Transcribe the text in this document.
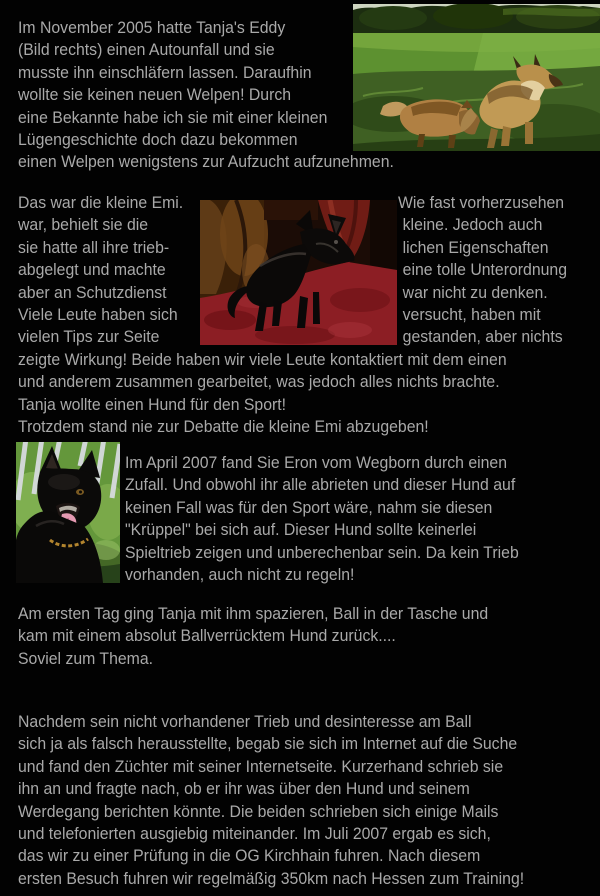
Im November 2005 hatte Tanja's Eddy
(Bild rechts) einen Autounfall und sie
musste ihn einschläfern lassen. Daraufhin
wollte sie keinen neuen Welpen! Durch
eine Bekannte habe ich sie mit einer kleinen
Lügengeschichte doch dazu bekommen
einen Welpen wenigstens zur Aufzucht aufzunehmen.
Das war die kleine Emi.
war, behielt sie die
sie hatte all ihre trieb-
abgelegt und machte
aber an Schutzdienst
Viele Leute haben sich
vielen Tips zur Seite
Wie fast vorherzusehen
kleine. Jedoch auch
lichen Eigenschaften
eine tolle Unterordnung
war nicht zu denken.
versucht, haben mit
gestanden, aber nichts
zeigte Wirkung! Beide haben wir viele Leute kontaktiert mit dem einen
und anderem zusammen gearbeitet, was jedoch alles nichts brachte.
Tanja wollte einen Hund für den Sport!
Trotzdem stand nie zur Debatte die kleine Emi abzugeben!
Im April 2007 fand Sie Eron vom Wegborn durch einen
Zufall. Und obwohl ihr alle abrieten und dieser Hund auf
keinen Fall was für den Sport wäre, nahm sie diesen
"Krüppel" bei sich auf. Dieser Hund sollte keinerlei
Spieltrieb zeigen und unberechenbar sein. Da kein Trieb
vorhanden, auch nicht zu regeln!
Am ersten Tag ging Tanja mit ihm spazieren, Ball in der Tasche und
kam mit einem absolut Ballverrücktem Hund zurück....
Soviel zum Thema.
Nachdem sein nicht vorhandener Trieb und desinteresse am Ball
sich ja als falsch herausstellte, begab sie sich im Internet auf die Suche
und fand den Züchter mit seiner Internetseite. Kurzerhand schrieb sie
ihn an und fragte nach, ob er ihr was über den Hund und seinem
Werdegang berichten könnte. Die beiden schrieben sich einige Mails
und telefonierten ausgiebig miteinander. Im Juli 2007 ergab es sich,
das wir zu einer Prüfung in die OG Kirchhain fuhren. Nach diesem
ersten Besuch fuhren wir regelmäßig 350km nach Hessen zum Training!
